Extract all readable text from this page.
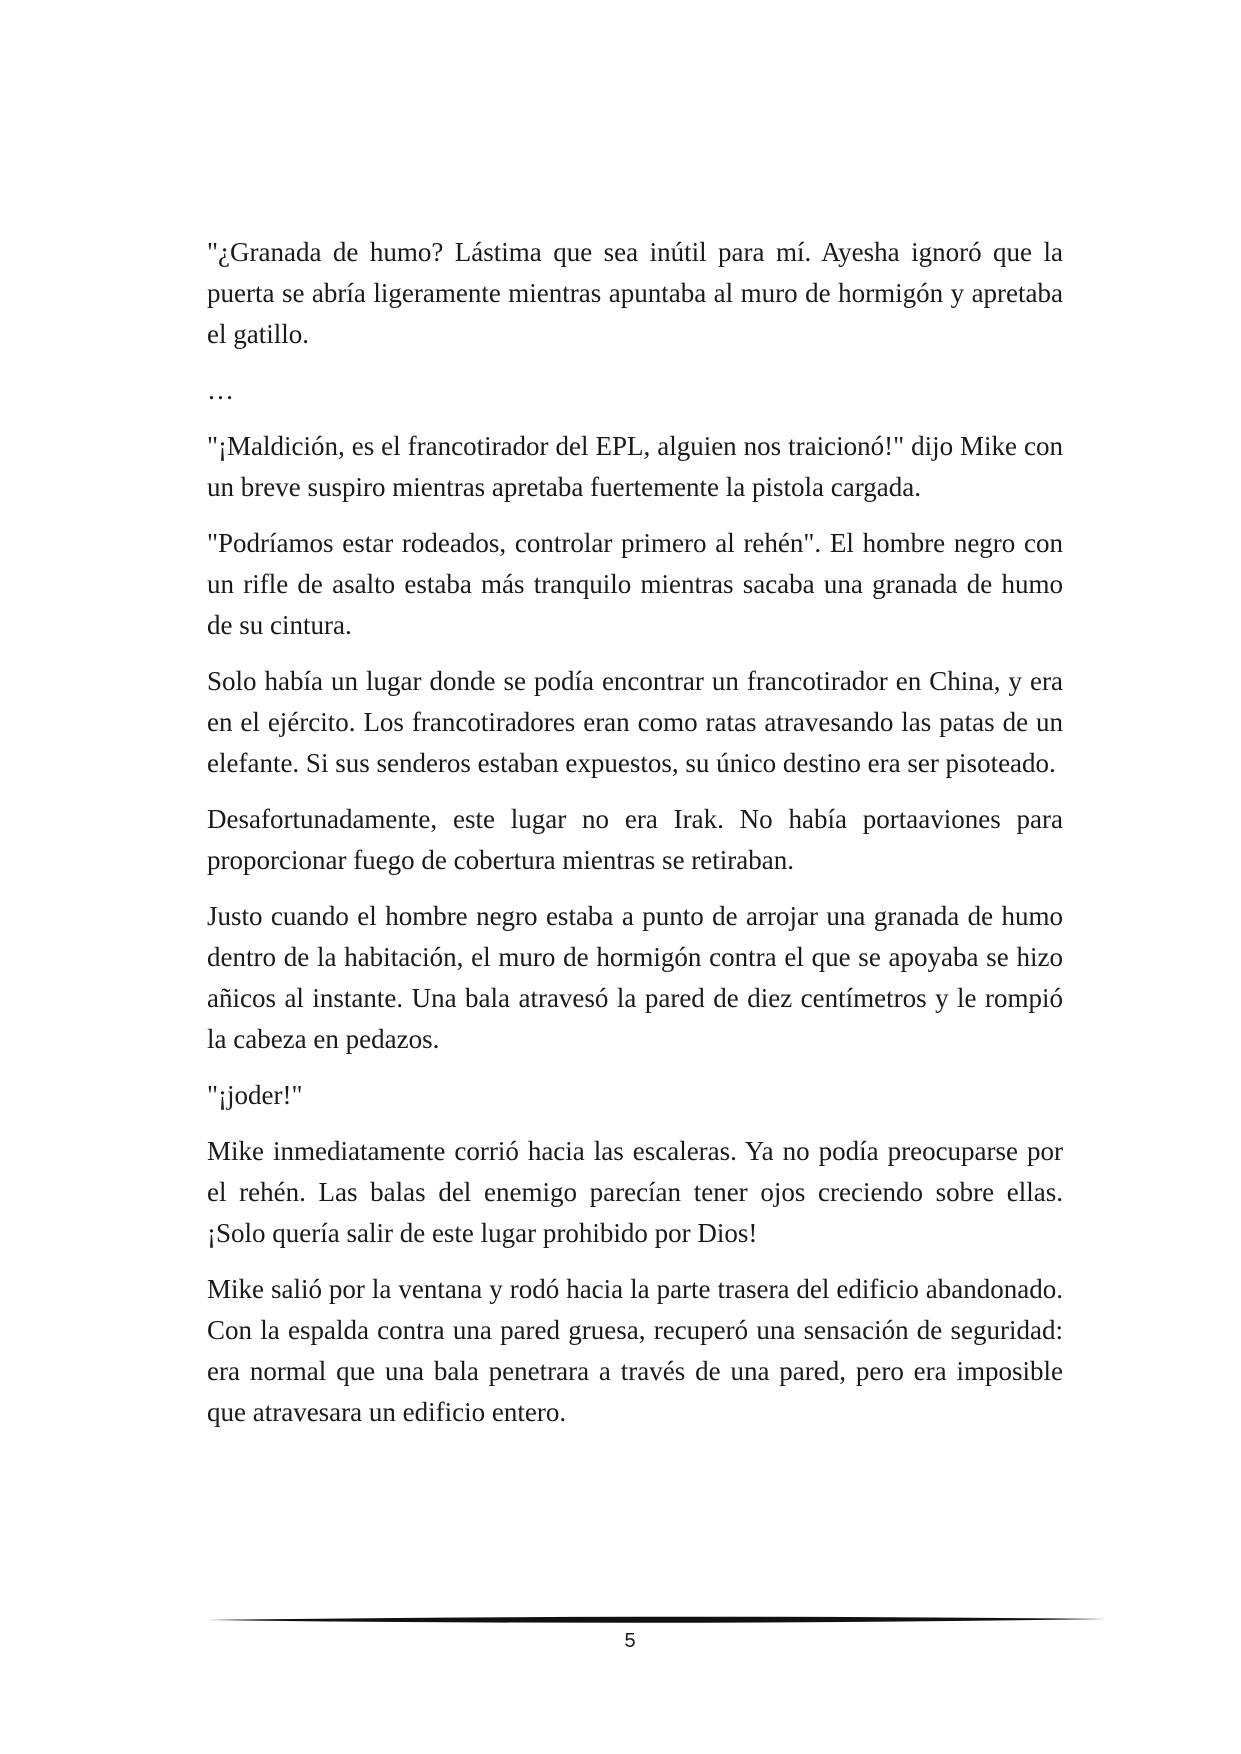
"¿Granada de humo? Lástima que sea inútil para mí. Ayesha ignoró que la puerta se abría ligeramente mientras apuntaba al muro de hormigón y apretaba el gatillo.

…

"¡Maldición, es el francotirador del EPL, alguien nos traicionó!" dijo Mike con un breve suspiro mientras apretaba fuertemente la pistola cargada.

"Podríamos estar rodeados, controlar primero al rehén". El hombre negro con un rifle de asalto estaba más tranquilo mientras sacaba una granada de humo de su cintura.

Solo había un lugar donde se podía encontrar un francotirador en China, y era en el ejército. Los francotiradores eran como ratas atravesando las patas de un elefante. Si sus senderos estaban expuestos, su único destino era ser pisoteado.

Desafortunadamente, este lugar no era Irak. No había portaaviones para proporcionar fuego de cobertura mientras se retiraban.

Justo cuando el hombre negro estaba a punto de arrojar una granada de humo dentro de la habitación, el muro de hormigón contra el que se apoyaba se hizo añicos al instante. Una bala atravesó la pared de diez centímetros y le rompió la cabeza en pedazos.

"¡joder!"

Mike inmediatamente corrió hacia las escaleras. Ya no podía preocuparse por el rehén. Las balas del enemigo parecían tener ojos creciendo sobre ellas. ¡Solo quería salir de este lugar prohibido por Dios!

Mike salió por la ventana y rodó hacia la parte trasera del edificio abandonado. Con la espalda contra una pared gruesa, recuperó una sensación de seguridad: era normal que una bala penetrara a través de una pared, pero era imposible que atravesara un edificio entero.

5
